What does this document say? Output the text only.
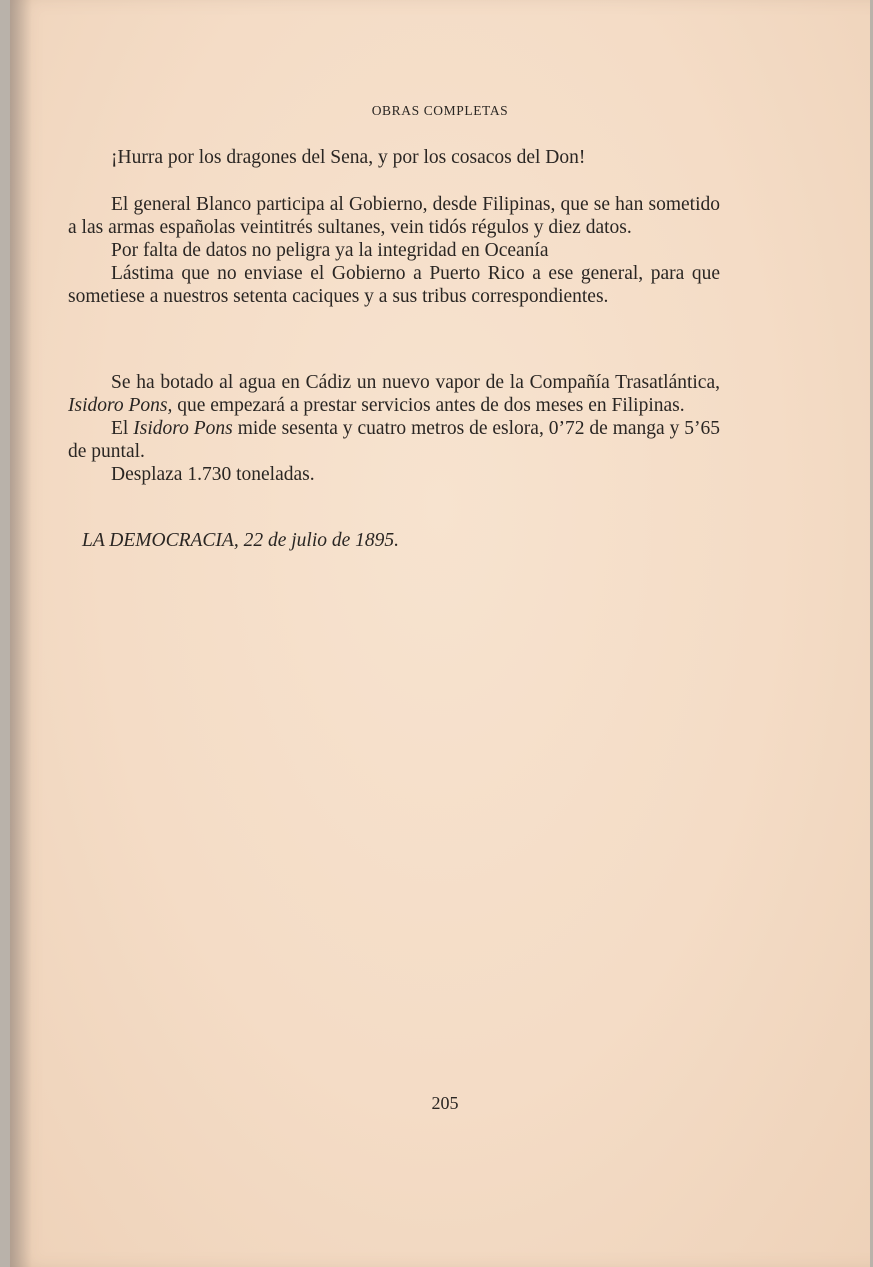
OBRAS COMPLETAS

¡Hurra por los dragones del Sena, y por los cosacos del Don!

El general Blanco participa al Gobierno, desde Filipinas, que se han sometido a las armas españolas veintitrés sultanes, vein tidós régulos y diez datos.

Por falta de datos no peligra ya la integridad en Oceanía

Lástima que no enviase el Gobierno a Puerto Rico a ese general, para que sometiese a nuestros setenta caciques y a sus tribus correspondientes.

Se ha botado al agua en Cádiz un nuevo vapor de la Compañía Trasatlántica, Isidoro Pons, que empezará a prestar servicios antes de dos meses en Filipinas.

El Isidoro Pons mide sesenta y cuatro metros de eslora, 0’72 de manga y 5’65 de puntal.

Desplaza 1.730 toneladas.

LA DEMOCRACIA, 22 de julio de 1895.
205
